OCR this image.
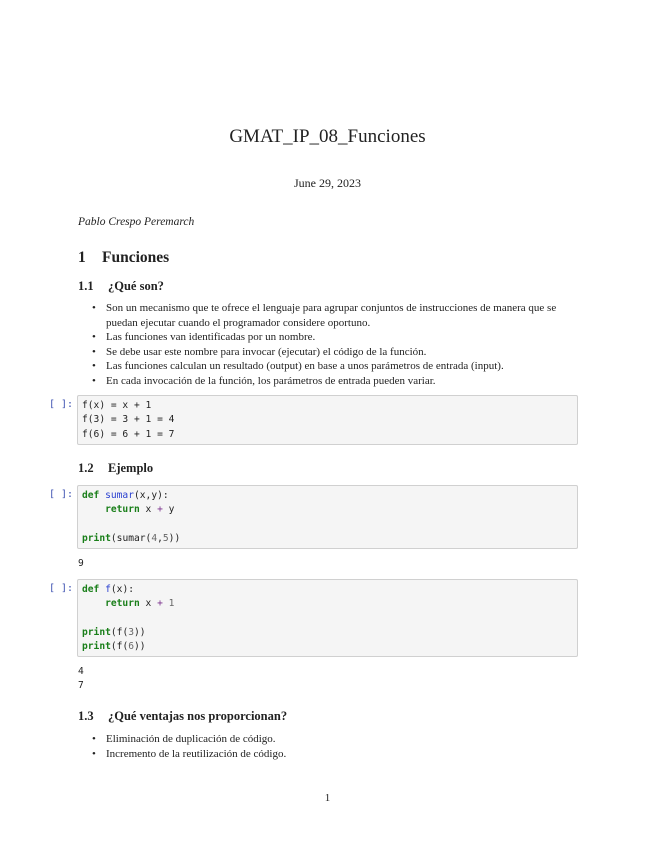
GMAT_IP_08_Funciones
June 29, 2023
Pablo Crespo Peremarch
1 Funciones
1.1 ¿Qué son?
• Son un mecanismo que te ofrece el lenguaje para agrupar conjuntos de instrucciones de manera que se puedan ejecutar cuando el programador considere oportuno.
• Las funciones van identificadas por un nombre.
• Se debe usar este nombre para invocar (ejecutar) el código de la función.
• Las funciones calculan un resultado (output) en base a unos parámetros de entrada (input).
• En cada invocación de la función, los parámetros de entrada pueden variar.
[ ]: f(x) = x + 1
f(3) = 3 + 1 = 4
f(6) = 6 + 1 = 7
1.2 Ejemplo
[ ]: def sumar(x,y):
return x + y

print(sumar(4,5))
9
[ ]: def f(x):
return x + 1

print(f(3))
print(f(6))
4
7
1.3 ¿Qué ventajas nos proporcionan?
• Eliminación de duplicación de código.
• Incremento de la reutilización de código.
1
